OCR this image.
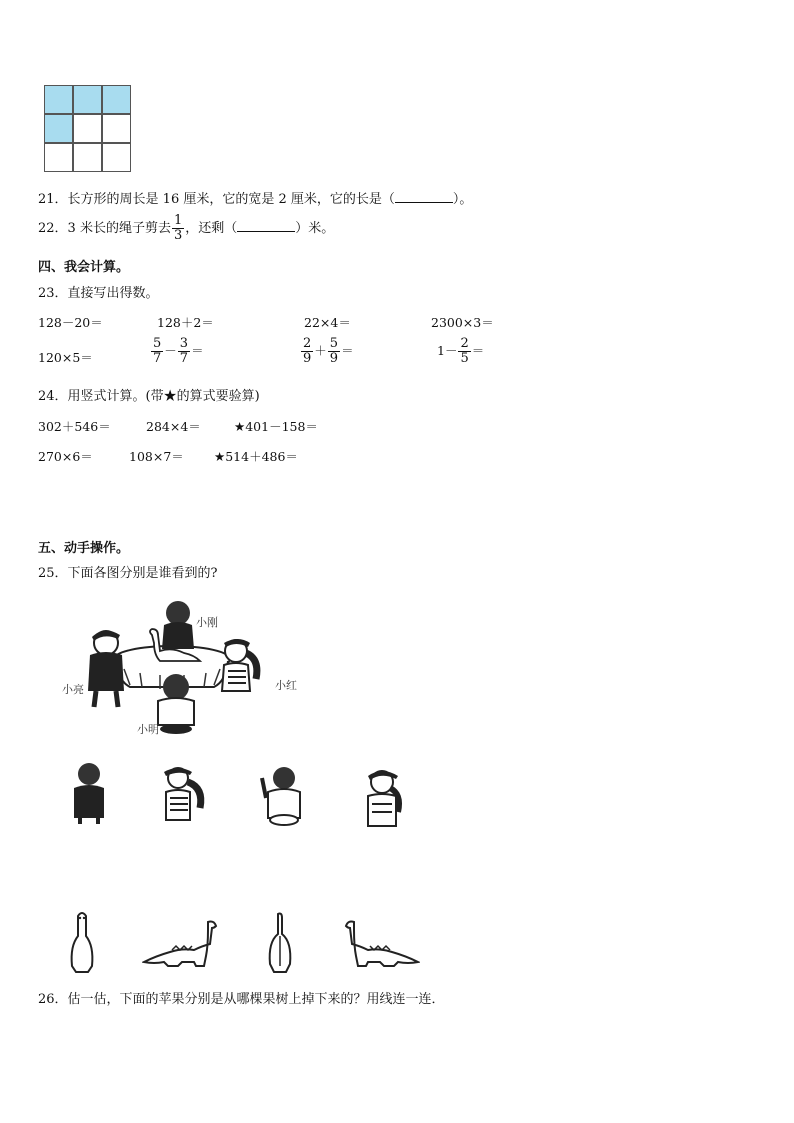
21．长方形的周长是 16 厘米，它的宽是 2 厘米，它的长是（	）。
22．3 米长的绳子剪去 $\frac{1}{3}$ ，还剩（	）米。
四、我会计算。
23．直接写出得数。
128－20＝	128＋2＝	22×4＝	2300×3＝
120×5＝	$\frac{5}{7} - \frac{3}{7}$ ＝	$\frac{2}{9} + \frac{5}{9}$ ＝	$1- \frac{2}{5}$ ＝
24．用竖式计算。(带★的算式要验算)
302＋546＝	284×4＝	★401－158＝
270×6＝	108×7＝ ★514＋486＝
五、动手操作。
25．下面各图分别是谁看到的?
小刚
小亮	小红
小明
26．估一估，下面的苹果分别是从哪棵果树上掉下来的？用线连一连．
